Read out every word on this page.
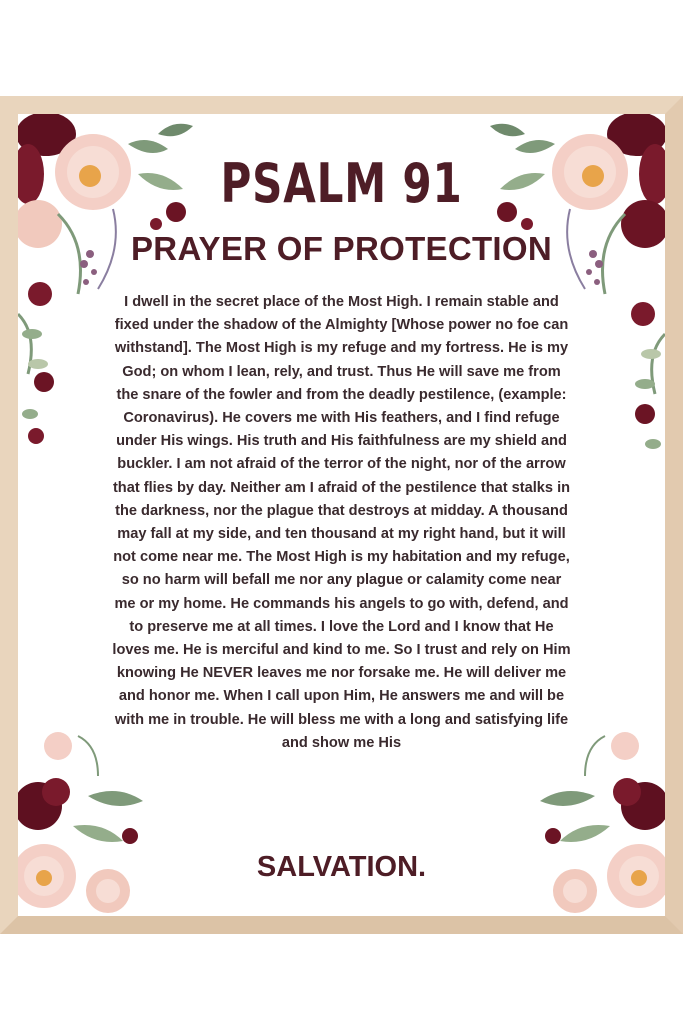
PSALM 91
PRAYER OF PROTECTION

I dwell in the secret place of the Most High. I remain stable and fixed under the shadow of the Almighty [Whose power no foe can withstand]. The Most High is my refuge and my fortress. He is my God; on whom I lean, rely, and trust. Thus He will save me from the snare of the fowler and from the deadly pestilence, (example: Coronavirus). He covers me with His feathers, and I find refuge under His wings. His truth and His faithfulness are my shield and buckler. I am not afraid of the terror of the night, nor of the arrow that flies by day. Neither am I afraid of the pestilence that stalks in the darkness, nor the plague that destroys at midday. A thousand may fall at my side, and ten thousand at my right hand, but it will not come near me. The Most High is my habitation and my refuge, so no harm will befall me nor any plague or calamity come near me or my home. He commands his angels to go with, defend, and to preserve me at all times. I love the Lord and I know that He loves me. He is merciful and kind to me. So I trust and rely on Him knowing He NEVER leaves me nor forsake me. He will deliver me and honor me. When I call upon Him, He answers me and will be with me in trouble. He will bless me with a long and satisfying life and show me His

SALVATION.
